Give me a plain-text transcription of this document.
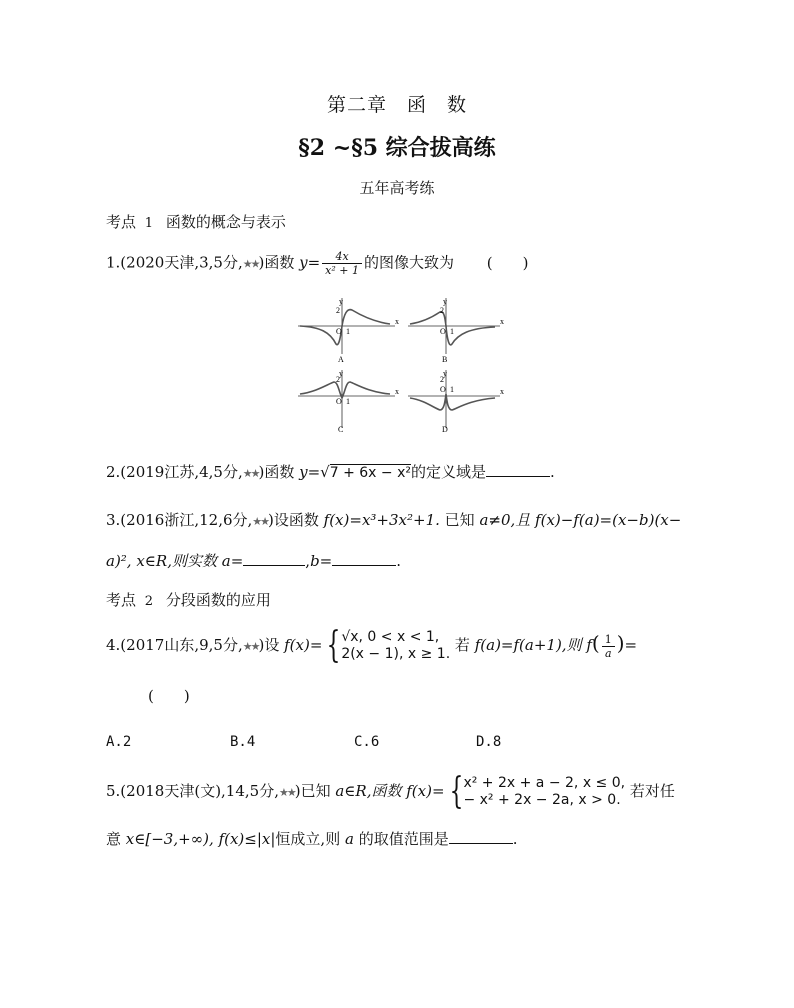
第二章　函　数
§2 ~§5 综合拔高练
五年高考练
考点 1 函数的概念与表示
1.(2020天津,3,5分,★★)函数 $y= \frac{4x}{\text{x² + 1}}$ 的图像大致为 (　　)
y
x
2
O 1
A
y
x
2
O 1
B
y
x
2
O 1
C
y
x
2
O 1
D
2.(2019江苏,4,5分,★★)函数 y=√7 + 6x − x²的定义域是	.
3.(2016浙江,12,6分,★★)设函数 f(x)=x³+3x²+1. 已知 a≠0,且 f(x)−f(a)=(x−b)(x−
a)², x∈R,则实数 a=	,b=	.
考点 2 分段函数的应用
4.(2017山东,9,5分,★★)设 f(x)= { √x, 0 < x < 1,
2(x − 1), x ≥ 1. 若 f(a)=f(a+1),则 $f( \frac{1}{a}$ )=
(　　)
A.2	B.4	C.6	D.8
5.(2018天津(文),14,5分,★★)已知 a∈R,函数 f(x)= { x² + 2x + a − 2, x ≤ 0,
− x² + 2x − 2a, x > 0. 若对任
意 x∈[−3,+∞), f(x)≤|x|恒成立,则 a 的取值范围是	.
